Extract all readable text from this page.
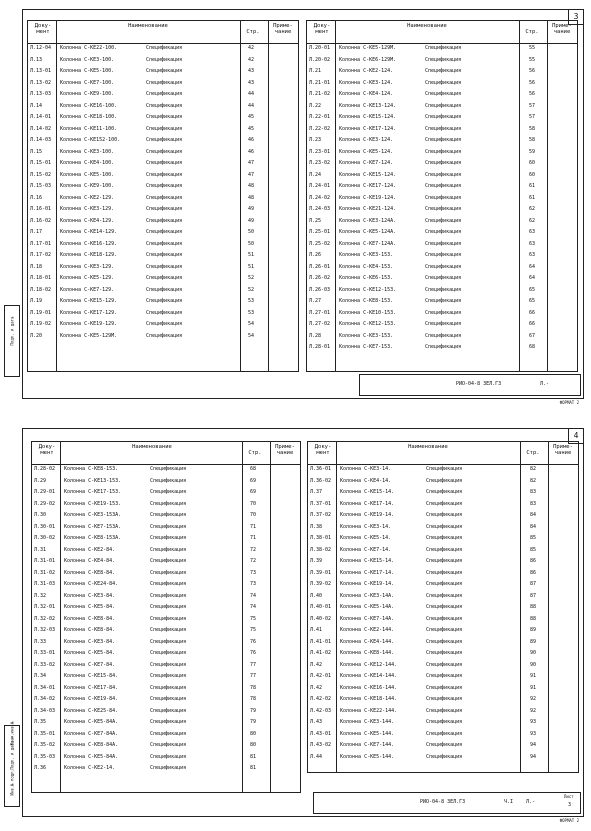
3
Доку- мент
Наименование
Стр.
Приме- чание
Л.12-04 Колонна С-КЕ22-100.	Спецификация	42
Л.13	Колонна С-КЕЗ-100.	Спецификация	42
Л.13-01 Колонна С-КЕ5-100.	Спецификация	43
Л.13-02 Колонна С-КЕ7-100.	Спецификация	43
Л.13-03 Колонна С-КЕ9-100.	Спецификация	44
Л.14	Колонна С-КЕ16-100.	Спецификация	44
Л.14-01 Колонна С-КЕ18-100.	Спецификация	45
Л.14-02 Колонна С-КЕ11-100.	Спецификация	45
Л.14-03 Колонна С-КЕ152-100.	Спецификация	46
Л.15	Колонна С-КЕ3-100.	Спецификация	46
Л.15-01 Колонна С-КЕ4-100.	Спецификация	47
Л.15-02 Колонна С-КЕ5-100.	Спецификация	47
Л.15-03 Колонна С-КЕ9-100.	Спецификация	48
Л.16	Колонна С-КЕ2-129.	Спецификация	48
Л.16-01 Колонна С-КЕ3-129.	Спецификация	49
Л.16-02 Колонна С-КЕ4-129.	Спецификация	49
Л.17	Колонна С-КЕ14-129.	Спецификация	50
Л.17-01 Колонна С-КЕ16-129.	Спецификация	50
Л.17-02 Колонна С-КЕ18-129.	Спецификация	51
Л.18	Колонна С-КЕЗ-129.	Спецификация	51
Л.18-01 Колонна С-КЕ5-129.	Спецификация	52
Л.18-02 Колонна С-КЕ7-129.	Спецификация	52
Л.19	Колонна С-КЕ15-129.	Спецификация	53
Л.19-01 Колонна С-КЕ17-129.	Спецификация	53
Л.19-02 Колонна С-КЕ19-129.	Спецификация	54
Л.20	Колонна С-КЕ5-129М.	Спецификация	54
Доку- мент
Наименование
Стр.
Приме- чание
Л.20-01 Колонна С-КЕ5-129М.	Спецификация	55
Л.20-02 Колонна С-КЕ6-129М.	Спецификация	55
Л.21	Колонна С-КЕ2-124.	Спецификация	56
Л.21-01 Колонна С-КЕ3-124.	Спецификация	56
Л.21-02 Колонна С-КЕ4-124.	Спецификация	56
Л.22	Колонна С-КЕ13-124.	Спецификация	57
Л.22-01 Колонна С-КЕ15-124.	Спецификация	57
Л.22-02 Колонна С-КЕ17-124.	Спецификация	58
Л.23	Колонна С-КЕ3-124.	Спецификация	58
Л.23-01 Колонна С-КЕ5-124.	Спецификация	59
Л.23-02 Колонна С-КЕ7-124.	Спецификация	60
Л.24	Колонна С-КЕ15-124.	Спецификация	60
Л.24-01 Колонна С-КЕ17-124.	Спецификация	61
Л.24-02 Колонна С-КЕ19-124.	Спецификация	61
Л.24-03 Колонна С-КЕ21-124.	Спецификация	62
Л.25	Колонна С-КЕ3-124А.	Спецификация	62
Л.25-01 Колонна С-КЕ5-124А.	Спецификация	63
Л.25-02 Колонна С-КЕ7-124А.	Спецификация	63
Л.26	Колонна С-КЕ3-153.	Спецификация	63
Л.26-01 Колонна С-КЕ4-153.	Спецификация	64
Л.26-02 Колонна С-КЕ6-153.	Спецификация	64
Л.26-03 Колонна С-КЕ12-153.	Спецификация	65
Л.27	Колонна С-КЕ8-153.	Спецификация	65
Л.27-01 Колонна С-КЕ10-153.	Спецификация	66
Л.27-02 Колонна С-КЕ12-153.	Спецификация	66
Л.28	Колонна С-КЕ3-153.	Спецификация	67
Л.28-01 Колонна С-КЕ7-153.	Спецификация	68
РИО-04-8 ЗЕЛ.ГЗ	Л.-
ФОРМАТ 2
4
Доку- мент
Наименование
Стр.
Приме- чание
Л.28-02 Колонна С-КЕ8-153.	Спецификация	68
Л.29	Колонна С-КЕ13-153.	Спецификация	69
Л.29-01 Колонна С-КЕ17-153.	Спецификация	69
Л.29-02 Колонна С-КЕ19-153.	Спецификация	70
Л.30	Колонна С-КЕ3-153А.	Спецификация	70
Л.30-01 Колонна С-КЕ7-153А.	Спецификация	71
Л.30-02 Колонна С-КЕ8-153А.	Спецификация	71
Л.31	Колонна С-КЕ2-84.	Спецификация	72
Л.31-01 Колонна С-КЕ4-84.	Спецификация	72
Л.31-02 Колонна С-КЕ8-84.	Спецификация	73
Л.31-03 Колонна С-КЕ24-84.	Спецификация	73
Л.32	Колонна С-КЕ3-84.	Спецификация	74
Л.32-01 Колонна С-КЕ5-84.	Спецификация	74
Л.32-02 Колонна С-КЕ8-84.	Спецификация	75
Л.32-03 Колонна С-КЕ8-84.	Спецификация	75
Л.33	Колонна С-КЕ3-84.	Спецификация	76
Л.33-01 Колонна С-КЕ5-84.	Спецификация	76
Л.33-02 Колонна С-КЕ7-84.	Спецификация	77
Л.34	Колонна С-КЕ15-84.	Спецификация	77
Л.34-01 Колонна С-КЕ17-84.	Спецификация	78
Л.34-02 Колонна С-КЕ19-84.	Спецификация	78
Л.34-03 Колонна С-КЕ25-84.	Спецификация	79
Л.35	Колонна С-КЕ5-84А.	Спецификация	79
Л.35-01 Колонна С-КЕ7-84А.	Спецификация	80
Л.35-02 Колонна С-КЕ8-84А.	Спецификация	80
Л.35-03 Колонна С-КЕ5-84А.	Спецификация	81
Л.36	Колонна С-КЕ2-14.	Спецификация	81
Доку- мент
Наименование
Стр.
Приме- чание
Л.36-01 Колонна С-КЕЗ-14.	Спецификация	82
Л.36-02 Колонна С-КЕ4-14.	Спецификация	82
Л.37	Колонна С-КЕ15-14.	Спецификация	83
Л.37-01 Колонна С-КЕ17-14.	Спецификация	83
Л.37-02 Колонна С-КЕ19-14.	Спецификация	84
Л.38	Колонна С-КЕ3-14.	Спецификация	84
Л.38-01 Колонна С-КЕ5-14.	Спецификация	85
Л.38-02 Колонна С-КЕ7-14.	Спецификация	85
Л.39	Колонна С-КЕ15-14.	Спецификация	86
Л.39-01 Колонна С-КЕ17-14.	Спецификация	86
Л.39-02 Колонна С-КЕ19-14.	Спецификация	87
Л.40	Колонна С-КЕ3-14А.	Спецификация	87
Л.40-01 Колонна С-КЕ5-14А.	Спецификация	88
Л.40-02 Колонна С-КЕ7-14А.	Спецификация	88
Л.41	Колонна С-КЕ2-144.	Спецификация	89
Л.41-01 Колонна С-КЕ4-144.	Спецификация	89
Л.41-02 Колонна С-КЕ8-144.	Спецификация	90
Л.42	Колонна С-КЕ12-144.	Спецификация	90
Л.42-01 Колонна С-КЕ14-144.	Спецификация	91
Л.42	Колонна С-КЕ16-144.	Спецификация	91
Л.42-02 Колонна С-КЕ18-144.	Спецификация	92
Л.42-03 Колонна С-КЕ22-144.	Спецификация	92
Л.43	Колонна С-КЕ3-144.	Спецификация	93
Л.43-01 Колонна С-КЕ5-144.	Спецификация	93
Л.43-02 Колонна С-КЕ7-144.	Спецификация	94
Л.44	Колонна С-КЕ5-144.	Спецификация	94
РИО-04-8 ЗЕЛ.ГЗ	Ч.I	Л.-
Лист
3
ФОРМАТ 2
Подп. и дата
Инв.№ подл.
Подп. и дата
Взам.инв.№
